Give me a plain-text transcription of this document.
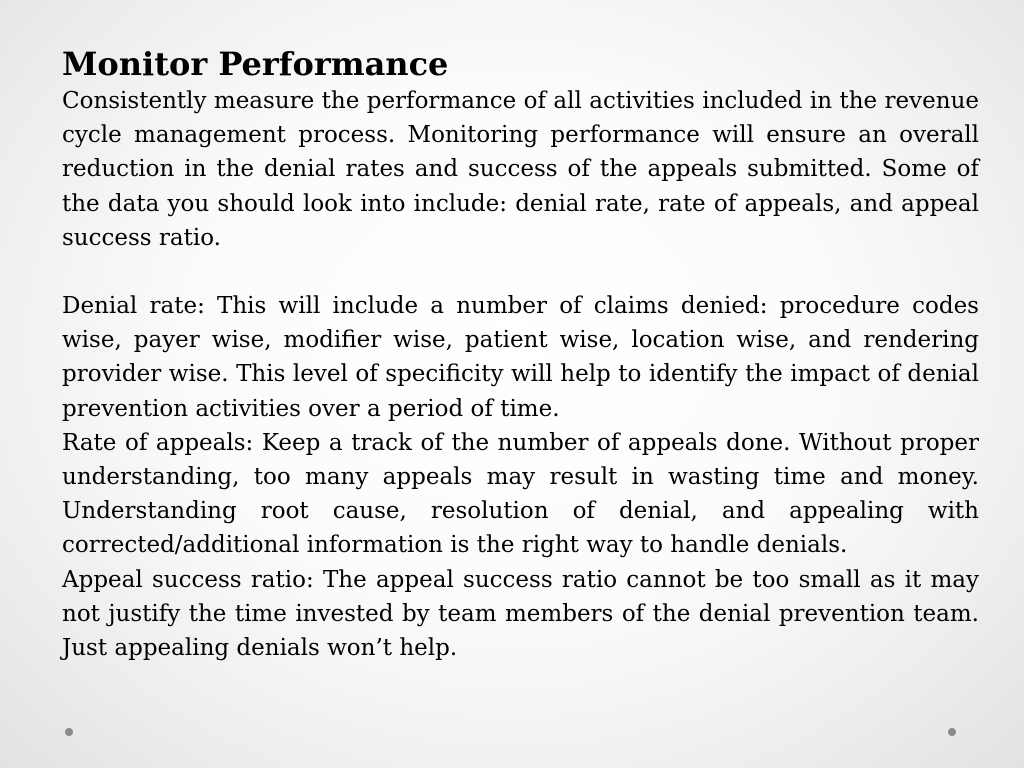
Monitor Performance

Consistently measure the performance of all activities included in the revenue cycle management process. Monitoring performance will ensure an overall reduction in the denial rates and success of the appeals submitted. Some of the data you should look into include: denial rate, rate of appeals, and appeal success ratio.

Denial rate: This will include a number of claims denied: procedure codes wise, payer wise, modifier wise, patient wise, location wise, and rendering provider wise. This level of specificity will help to identify the impact of denial prevention activities over a period of time.

Rate of appeals: Keep a track of the number of appeals done. Without proper understanding, too many appeals may result in wasting time and money. Understanding root cause, resolution of denial, and appealing with corrected/additional information is the right way to handle denials.

Appeal success ratio: The appeal success ratio cannot be too small as it may not justify the time invested by team members of the denial prevention team. Just appealing denials won’t help.
